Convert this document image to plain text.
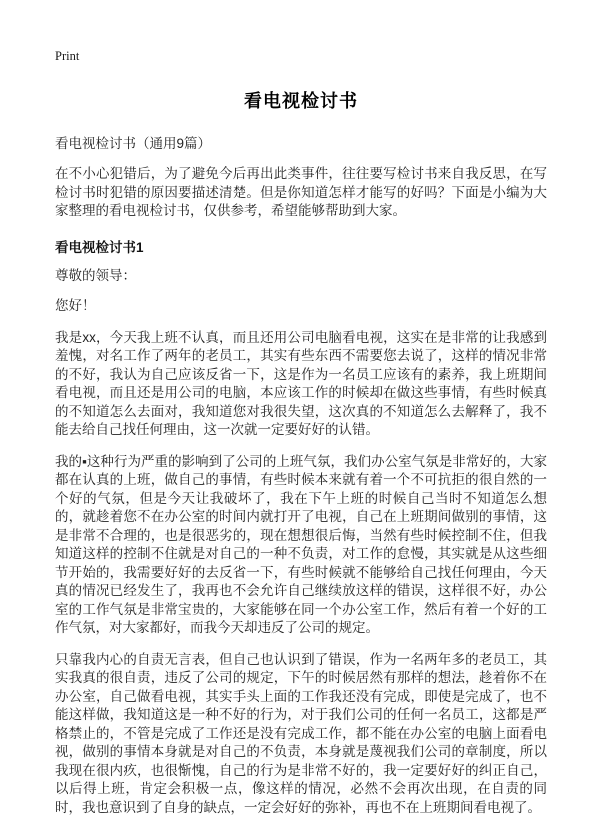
Print
看电视检讨书
看电视检讨书（通用9篇）

在不小心犯错后，为了避免今后再出此类事件，往往要写检讨书来自我反思，在写检讨书时犯错的原因要描述清楚。但是你知道怎样才能写的好吗？下面是小编为大家整理的看电视检讨书，仅供参考，希望能够帮助到大家。

看电视检讨书1
尊敬的领导：
您好！

我是xx，今天我上班不认真，而且还用公司电脑看电视，这实在是非常的让我感到羞愧，对名工作了两年的老员工，其实有些东西不需要您去说了，这样的情况非常的不好，我认为自己应该反省一下，这是作为一名员工应该有的素养，我上班期间看电视，而且还是用公司的电脑，本应该工作的时候却在做这些事情，有些时候真的不知道怎么去面对，我知道您对我很失望，这次真的不知道怎么去解释了，我不能去给自己找任何理由，这一次就一定要好好的认错。

我的▪这种行为严重的影响到了公司的上班气氛，我们办公室气氛是非常好的，大家都在认真的上班，做自己的事情，有些时候本来就有着一个不可抗拒的很自然的一个好的气氛，但是今天让我破坏了，我在下午上班的时候自己当时不知道怎么想的，就趁着您不在办公室的时间内就打开了电视，自己在上班期间做别的事情，这是非常不合理的，也是很恶劣的，现在想想很后悔，当然有些时候控制不住，但我知道这样的控制不住就是对自己的一种不负责，对工作的怠慢，其实就是从这些细节开始的，我需要好好的去反省一下，有些时候就不能够给自己找任何理由，今天真的情况已经发生了，我再也不会允许自己继续放这样的错误，这样很不好，办公室的工作气氛是非常宝贵的，大家能够在同一个办公室工作，然后有着一个好的工作气氛，对大家都好，而我今天却违反了公司的规定。

只靠我内心的自责无言表，但自己也认识到了错误，作为一名两年多的老员工，其实我真的很自责，违反了公司的规定，下午的时候居然有那样的想法，趁着你不在办公室，自己做看电视，其实手头上面的工作我还没有完成，即使是完成了，也不能这样做，我知道这是一种不好的行为，对于我们公司的任何一名员工，这都是严格禁止的，不管是完成了工作还是没有完成工作，都不能在办公室的电脑上面看电视，做别的事情本身就是对自己的不负责，本身就是蔑视我们公司的章制度，所以我现在很内疚，也很惭愧，自己的行为是非常不好的，我一定要好好的纠正自己，以后得上班，肯定会积极一点，像这样的情况，必然不会再次出现，在自责的同时，我也意识到了自身的缺点，一定会好好的弥补，再也不在上班期间看电视了。
